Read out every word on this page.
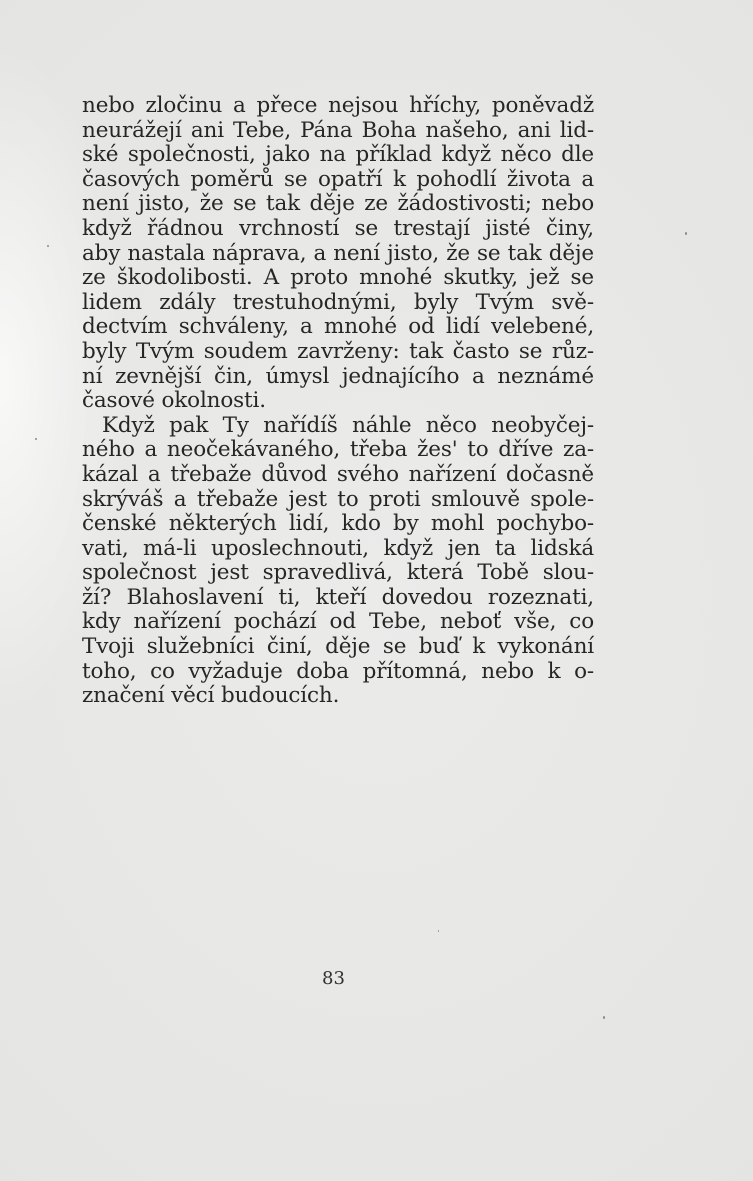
nebo zločinu a přece nejsou hříchy, poněvadž
neurážejí ani Tebe, Pána Boha našeho, ani lid-
ské společnosti, jako na příklad když něco dle
časových poměrů se opatří k pohodlí života a
není jisto, že se tak děje ze žádostivosti; nebo
když řádnou vrchností se trestají jisté činy,
aby nastala náprava, a není jisto, že se tak děje
ze škodolibosti. A proto mnohé skutky, jež se
lidem zdály trestuhodnými, byly Tvým svě-
dectvím schváleny, a mnohé od lidí velebené,
byly Tvým soudem zavrženy: tak často se růz-
ní zevnější čin, úmysl jednajícího a neznámé
časové okolnosti.
Když pak Ty nařídíš náhle něco neobyčej-
ného a neočekávaného, třeba žes' to dříve za-
kázal a třebaže důvod svého nařízení dočasně
skrýváš a třebaže jest to proti smlouvě spole-
čenské některých lidí, kdo by mohl pochybo-
vati, má-li uposlechnouti, když jen ta lidská
společnost jest spravedlivá, která Tobě slou-
ží? Blahoslavení ti, kteří dovedou rozeznati,
kdy nařízení pochází od Tebe, neboť vše, co
Tvoji služebníci činí, děje se buď k vykonání
toho, co vyžaduje doba přítomná, nebo k o-
značení věcí budoucích.
83
